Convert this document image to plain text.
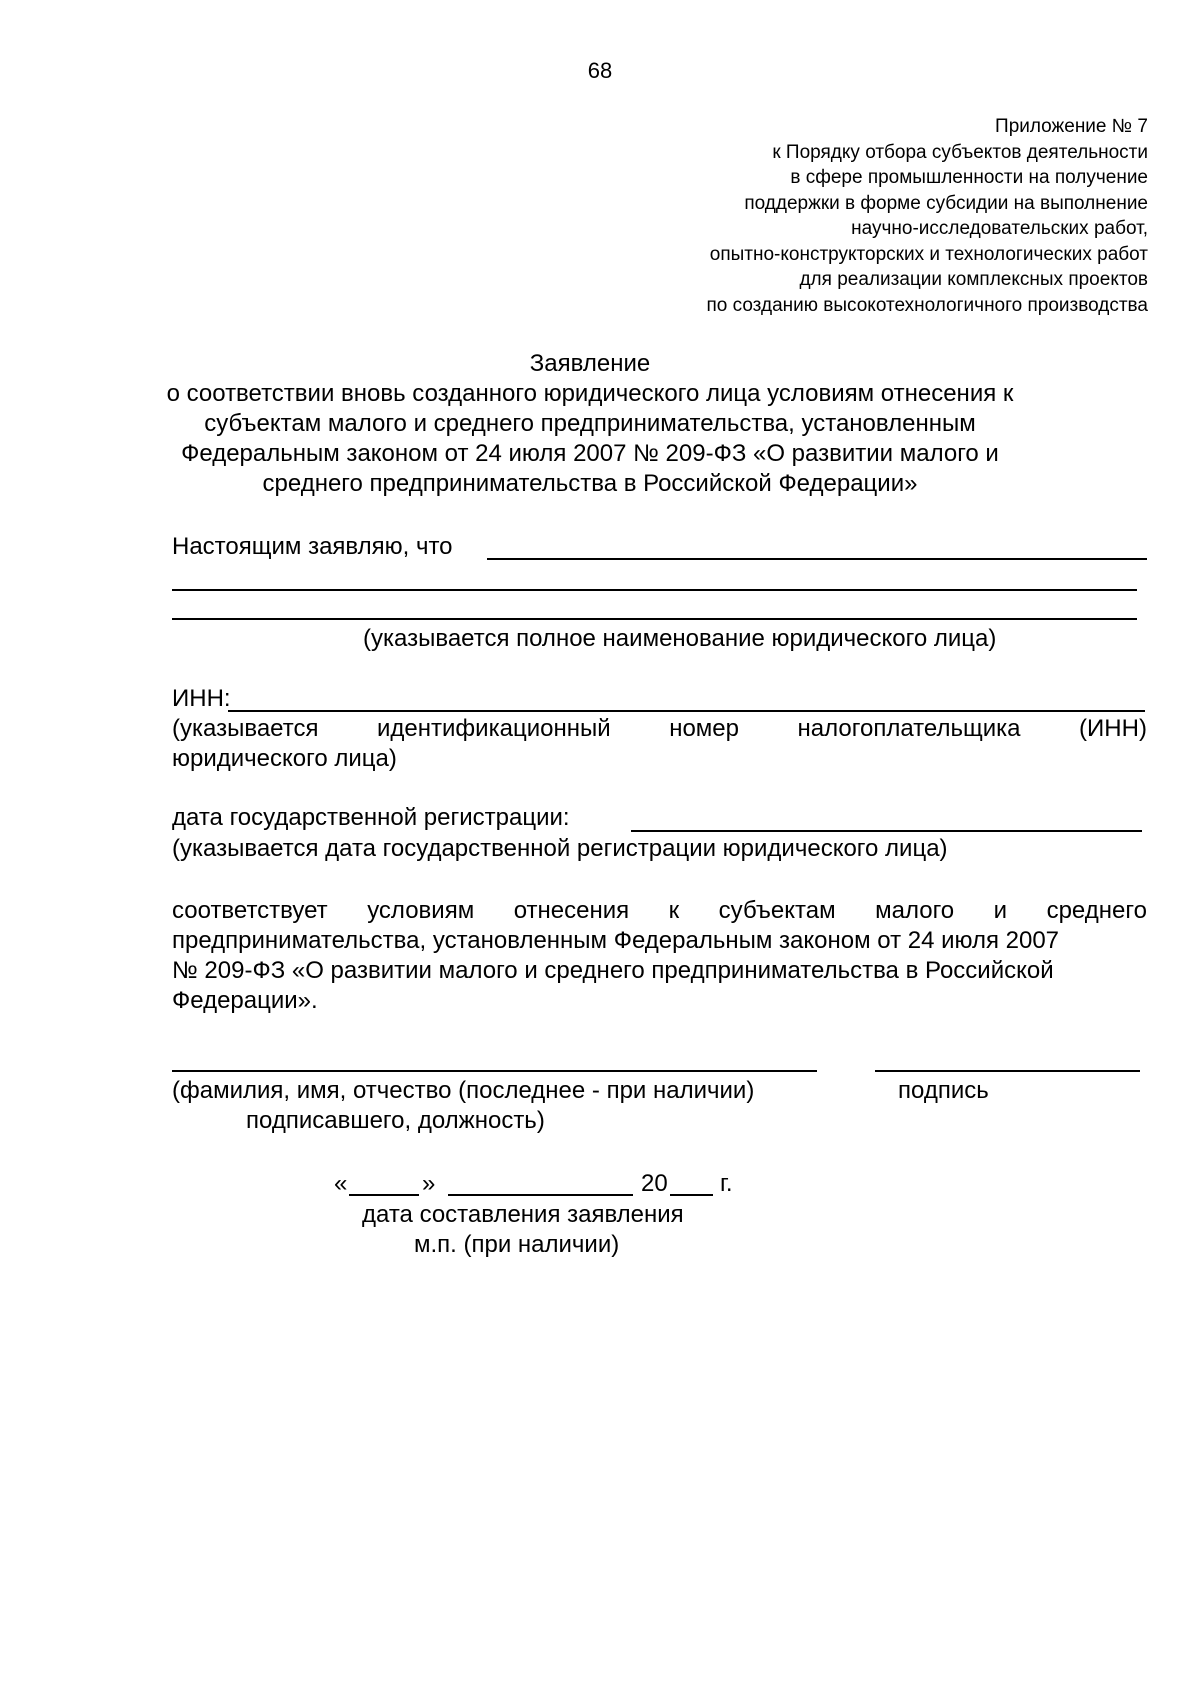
68
Приложение № 7
к Порядку отбора субъектов деятельности
в сфере промышленности на получение
поддержки в форме субсидии на выполнение
научно-исследовательских работ,
опытно-конструкторских и технологических работ
для реализации комплексных проектов
по созданию высокотехнологичного производства
Заявление
о соответствии вновь созданного юридического лица условиям отнесения к
субъектам малого и среднего предпринимательства, установленным
Федеральным законом от 24 июля 2007 № 209-ФЗ «О развитии малого и
среднего предпринимательства в Российской Федерации»
Настоящим заявляю, что
(указывается полное наименование юридического лица)
ИНН:
(указывается идентификационный номер налогоплательщика (ИНН)
юридического лица)
дата государственной регистрации:
(указывается дата государственной регистрации юридического лица)
соответствует условиям отнесения к субъектам малого и среднего
предпринимательства, установленным Федеральным законом от 24 июля 2007
№ 209-ФЗ «О развитии малого и среднего предпринимательства в Российской
Федерации».
(фамилия, имя, отчество (последнее - при наличии)
подписавшего, должность)
подпись
«	»	20 г.
дата составления заявления
м.п. (при наличии)
